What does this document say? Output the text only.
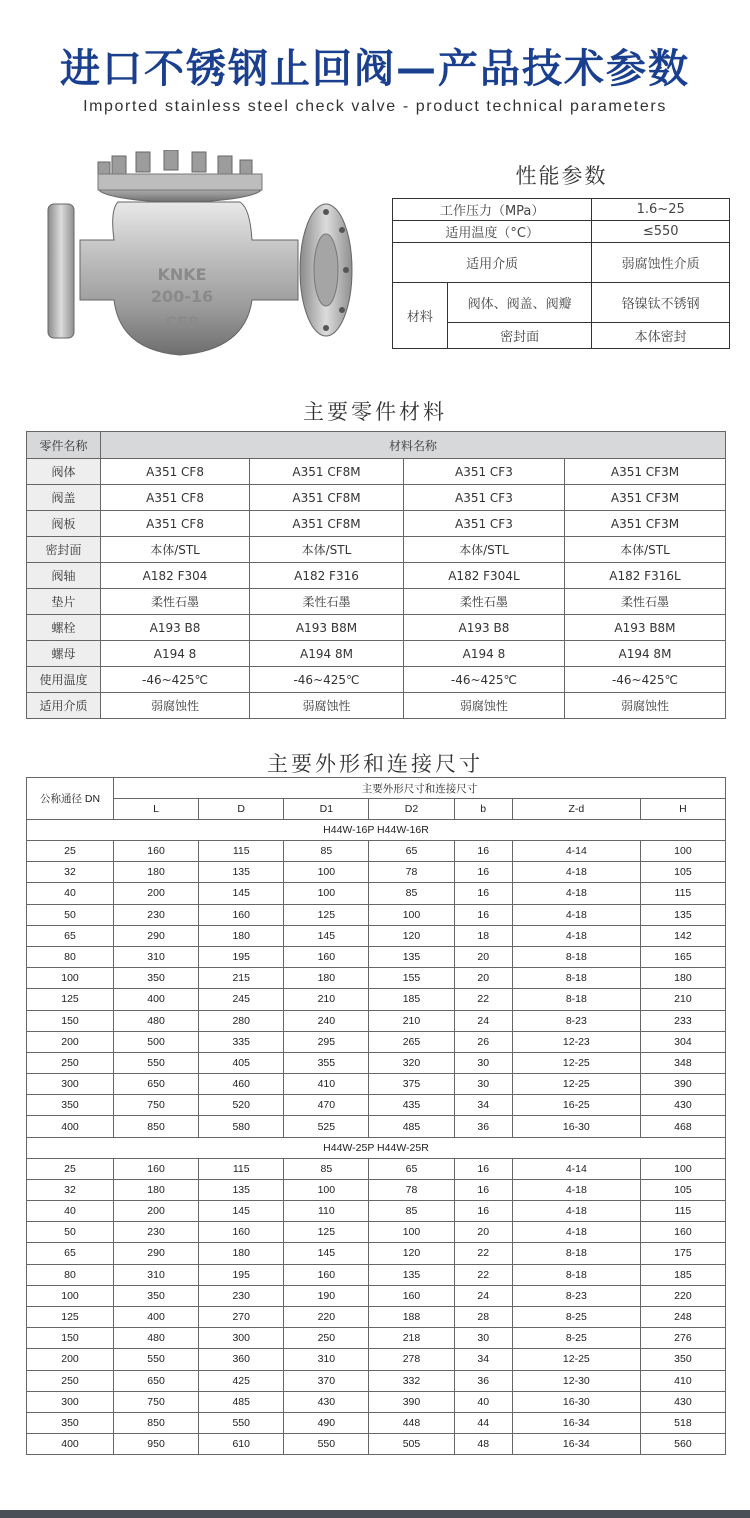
进口不锈钢止回阀—产品技术参数
Imported stainless steel check valve - product technical parameters
KNKE
200-16
CF8
性能参数
工作压力（MPa）		1.6~25
适用温度（°C）		≤550
适用介质		弱腐蚀性介质
材料	阀体、阀盖、阀瓣	铬镍钛不锈钢
	密封面	本体密封
主要零件材料
零件名称	材料名称			
阀体	A351 CF8	A351 CF8M	A351 CF3	A351 CF3M
阀盖	A351 CF8	A351 CF8M	A351 CF3	A351 CF3M
阀板	A351 CF8	A351 CF8M	A351 CF3	A351 CF3M
密封面	本体/STL	本体/STL	本体/STL	本体/STL
阀轴	A182 F304	A182 F316	A182 F304L	A182 F316L
垫片	柔性石墨	柔性石墨	柔性石墨	柔性石墨
螺栓	A193 B8	A193 B8M	A193 B8	A193 B8M
螺母	A194 8	A194 8M	A194 8	A194 8M
使用温度	-46~425℃	-46~425℃	-46~425℃	-46~425℃
适用介质	弱腐蚀性	弱腐蚀性	弱腐蚀性	弱腐蚀性
主要外形和连接尺寸
公称通径 DN	主要外形尺寸和连接尺寸						
	L	D	D1	D2	b	Z-d	H
H44W-16P H44W-16R							
25	160	115	85	65	16	4-14	100
32	180	135	100	78	16	4-18	105
40	200	145	100	85	16	4-18	115
50	230	160	125	100	16	4-18	135
65	290	180	145	120	18	4-18	142
80	310	195	160	135	20	8-18	165
100	350	215	180	155	20	8-18	180
125	400	245	210	185	22	8-18	210
150	480	280	240	210	24	8-23	233
200	500	335	295	265	26	12-23	304
250	550	405	355	320	30	12-25	348
300	650	460	410	375	30	12-25	390
350	750	520	470	435	34	16-25	430
400	850	580	525	485	36	16-30	468
H44W-25P H44W-25R							
25	160	115	85	65	16	4-14	100
32	180	135	100	78	16	4-18	105
40	200	145	110	85	16	4-18	115
50	230	160	125	100	20	4-18	160
65	290	180	145	120	22	8-18	175
80	310	195	160	135	22	8-18	185
100	350	230	190	160	24	8-23	220
125	400	270	220	188	28	8-25	248
150	480	300	250	218	30	8-25	276
200	550	360	310	278	34	12-25	350
250	650	425	370	332	36	12-30	410
300	750	485	430	390	40	16-30	430
350	850	550	490	448	44	16-34	518
400	950	610	550	505	48	16-34	560
